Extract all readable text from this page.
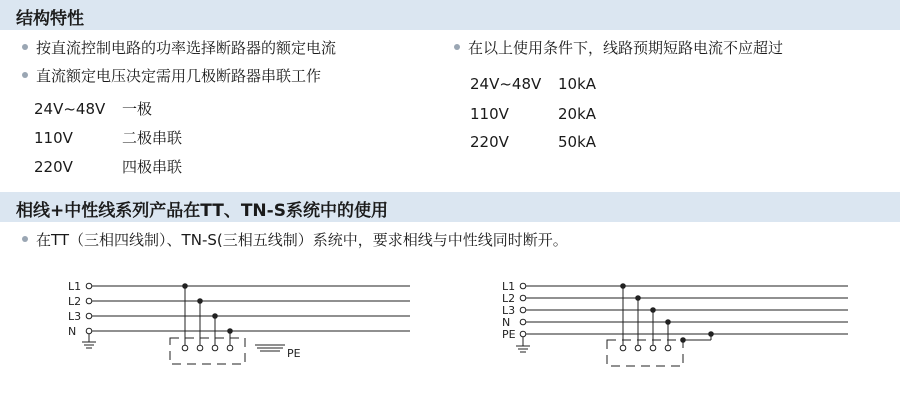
结构特性
按直流控制电路的功率选择断路器的额定电流
直流额定电压决定需用几极断路器串联工作
在以上使用条件下，线路预期短路电流不应超过
24V~48V 一极
110V	二极串联
220V	四极串联
24V~48V 10kA
110V	20kA
220V	50kA
相线+中性线系列产品在TT、TN-S系统中的使用
在TT（三相四线制）、TN-S(三相五线制）系统中，要求相线与中性线同时断开。
L1
L2
L3
N
PE
L1
L2
L3
N
PE
